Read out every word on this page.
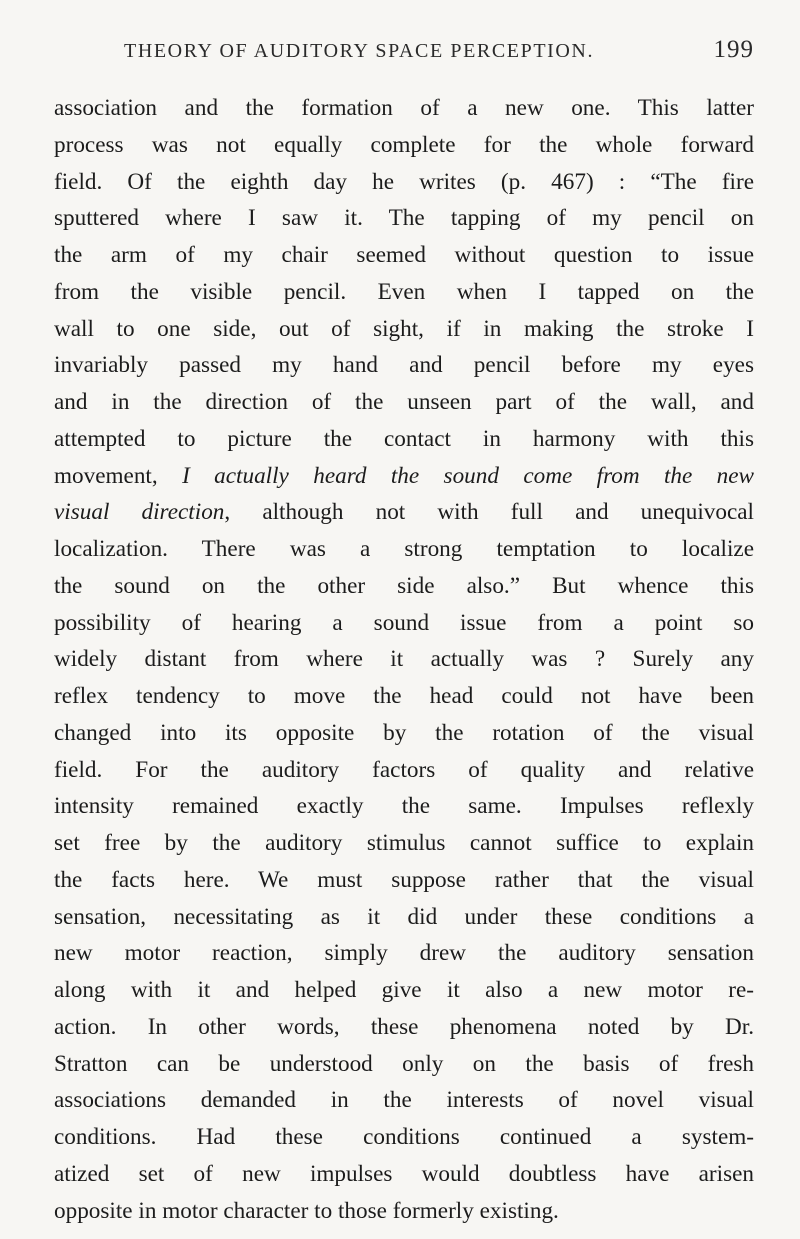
THEORY OF AUDITORY SPACE PERCEPTION.	199
association and the formation of a new one. This latter
process was not equally complete for the whole forward
field. Of the eighth day he writes (p. 467) : “The fire
sputtered where I saw it. The tapping of my pencil on
the arm of my chair seemed without question to issue
from the visible pencil. Even when I tapped on the
wall to one side, out of sight, if in making the stroke I
invariably passed my hand and pencil before my eyes
and in the direction of the unseen part of the wall, and
attempted to picture the contact in harmony with this
movement, I actually heard the sound come from the new
visual direction, although not with full and unequivocal
localization. There was a strong temptation to localize
the sound on the other side also.” But whence this
possibility of hearing a sound issue from a point so
widely distant from where it actually was ? Surely any
reflex tendency to move the head could not have been
changed into its opposite by the rotation of the visual
field. For the auditory factors of quality and relative
intensity remained exactly the same. Impulses reflexly
set free by the auditory stimulus cannot suffice to explain
the facts here. We must suppose rather that the visual
sensation, necessitating as it did under these conditions a
new motor reaction, simply drew the auditory sensation
along with it and helped give it also a new motor re-
action. In other words, these phenomena noted by Dr.
Stratton can be understood only on the basis of fresh
associations demanded in the interests of novel visual
conditions. Had these conditions continued a system-
atized set of new impulses would doubtless have arisen
opposite in motor character to those formerly existing.
